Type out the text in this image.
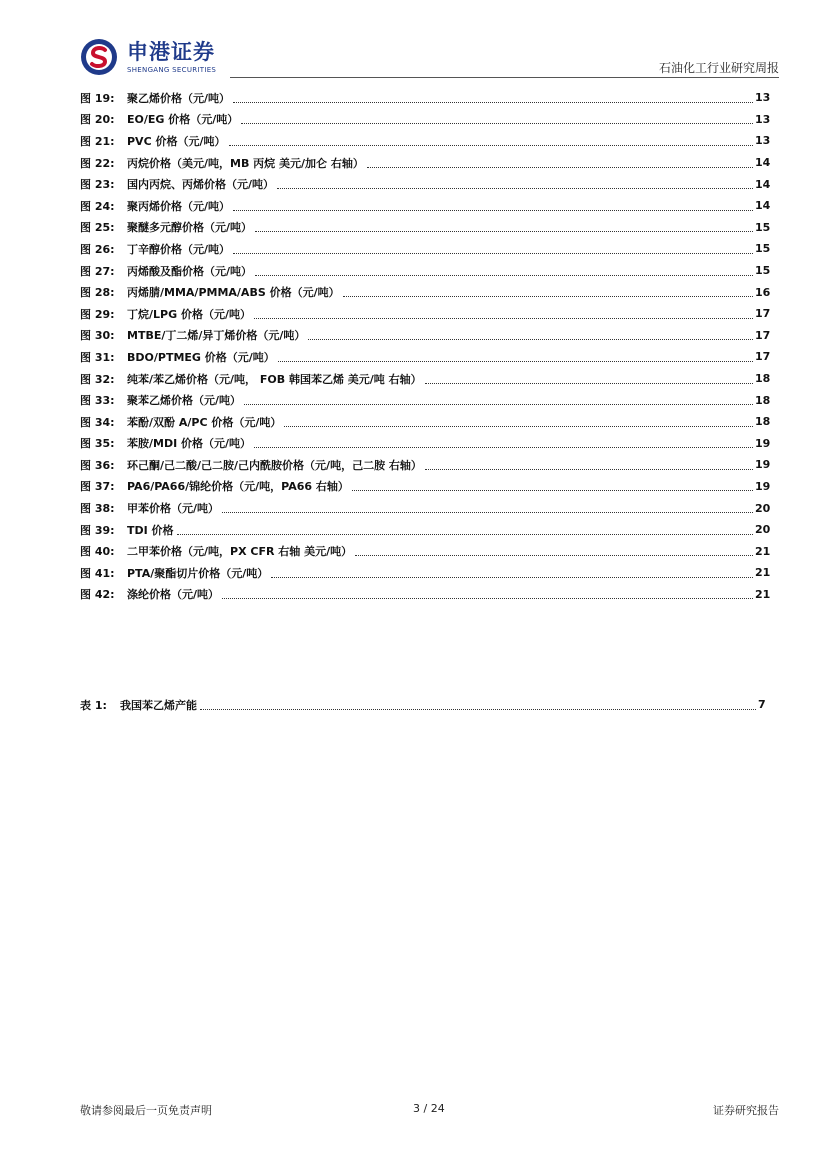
申港证券
SHENGANG SECURITIES	石油化工行业研究周报
图 19:	聚乙烯价格（元/吨）	13
图 20:	EO/EG 价格（元/吨）	13
图 21:	PVC 价格（元/吨）	13
图 22:	丙烷价格（美元/吨，MB 丙烷 美元/加仑 右轴）	14
图 23:	国内丙烷、丙烯价格（元/吨）	14
图 24:	聚丙烯价格（元/吨）	14
图 25:	聚醚多元醇价格（元/吨）	15
图 26:	丁辛醇价格（元/吨）	15
图 27:	丙烯酸及酯价格（元/吨）	15
图 28:	丙烯腈/MMA/PMMA/ABS 价格（元/吨）	16
图 29:	丁烷/LPG 价格（元/吨）	17
图 30:	MTBE/丁二烯/异丁烯价格（元/吨）	17
图 31:	BDO/PTMEG 价格（元/吨）	17
图 32:	纯苯/苯乙烯价格（元/吨， FOB 韩国苯乙烯 美元/吨 右轴）	18
图 33:	聚苯乙烯价格（元/吨）	18
图 34:	苯酚/双酚 A/PC 价格（元/吨）	18
图 35:	苯胺/MDI 价格（元/吨）	19
图 36:	环己酮/己二酸/己二胺/己内酰胺价格（元/吨，己二胺 右轴）	19
图 37:	PA6/PA66/锦纶价格（元/吨，PA66 右轴）	19
图 38:	甲苯价格（元/吨）	20
图 39:	TDI 价格	20
图 40:	二甲苯价格（元/吨，PX CFR 右轴 美元/吨）	21
图 41:	PTA/聚酯切片价格（元/吨）	21
图 42:	涤纶价格（元/吨）	21
表 1:	我国苯乙烯产能	7
敬请参阅最后一页免责声明	3 / 24	证券研究报告
